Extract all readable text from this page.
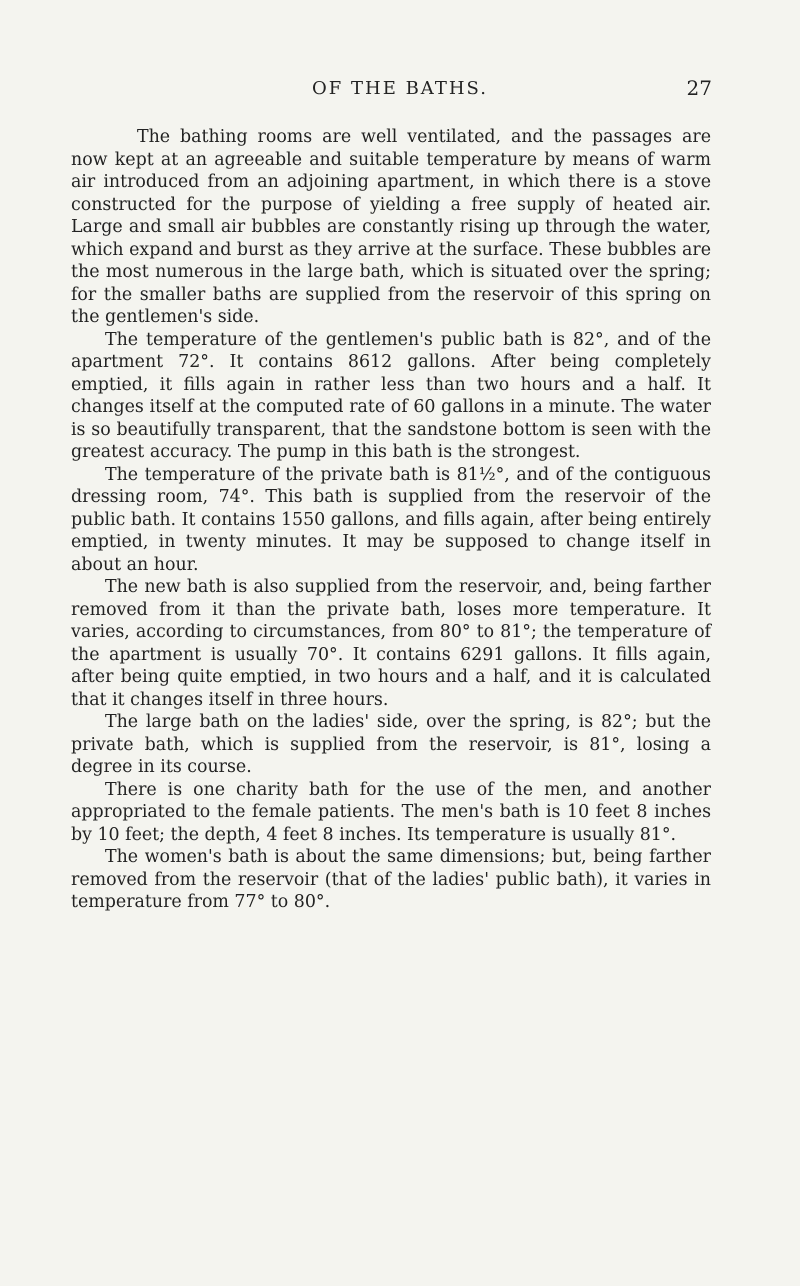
OF THE BATHS.	27

The bathing rooms are well ventilated, and the passages are now kept at an agreeable and suitable temperature by means of warm air introduced from an adjoining apartment, in which there is a stove constructed for the purpose of yielding a free supply of heated air. Large and small air bubbles are constantly rising up through the water, which expand and burst as they arrive at the surface. These bubbles are the most numerous in the large bath, which is situated over the spring; for the smaller baths are supplied from the reservoir of this spring on the gentlemen's side.

The temperature of the gentlemen's public bath is 82°, and of the apartment 72°. It contains 8612 gallons. After being completely emptied, it fills again in rather less than two hours and a half. It changes itself at the computed rate of 60 gallons in a minute. The water is so beautifully transparent, that the sandstone bottom is seen with the greatest accuracy. The pump in this bath is the strongest.

The temperature of the private bath is 81½°, and of the contiguous dressing room, 74°. This bath is supplied from the reservoir of the public bath. It contains 1550 gallons, and fills again, after being entirely emptied, in twenty minutes. It may be supposed to change itself in about an hour.

The new bath is also supplied from the reservoir, and, being farther removed from it than the private bath, loses more temperature. It varies, according to circumstances, from 80° to 81°; the temperature of the apartment is usually 70°. It contains 6291 gallons. It fills again, after being quite emptied, in two hours and a half, and it is calculated that it changes itself in three hours.

The large bath on the ladies' side, over the spring, is 82°; but the private bath, which is supplied from the reservoir, is 81°, losing a degree in its course.

There is one charity bath for the use of the men, and another appropriated to the female patients. The men's bath is 10 feet 8 inches by 10 feet; the depth, 4 feet 8 inches. Its temperature is usually 81°.

The women's bath is about the same dimensions; but, being farther removed from the reservoir (that of the ladies' public bath), it varies in temperature from 77° to 80°.
